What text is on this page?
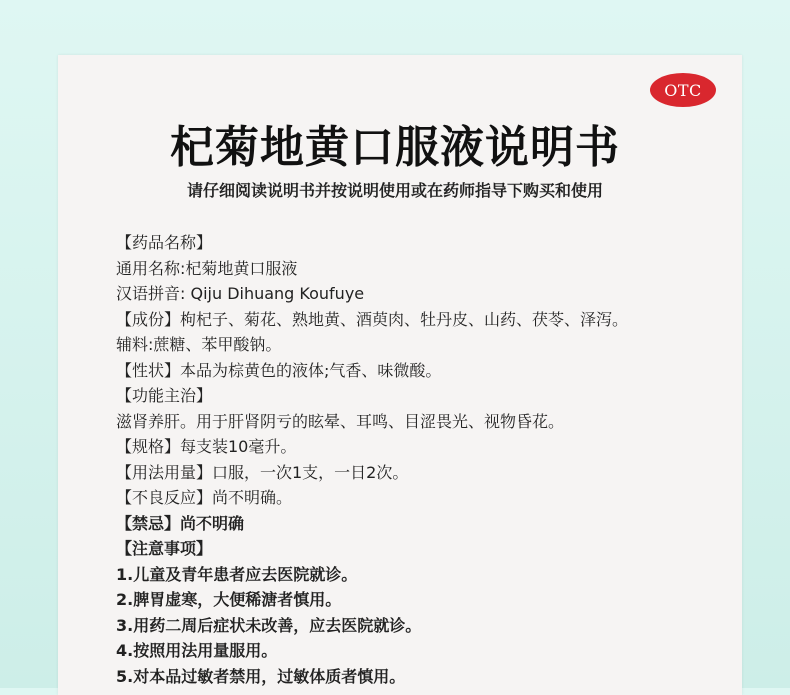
OTC
杞菊地黄口服液说明书
请仔细阅读说明书并按说明使用或在药师指导下购买和使用
【药品名称】
通用名称:杞菊地黄口服液
汉语拼音: Qiju Dihuang Koufuye
【成份】枸杞子、菊花、熟地黄、酒萸肉、牡丹皮、山药、茯苓、泽泻。
辅料:蔗糖、苯甲酸钠。
【性状】本品为棕黄色的液体;气香、味微酸。
【功能主治】
滋肾养肝。用于肝肾阴亏的眩晕、耳鸣、目涩畏光、视物昏花。
【规格】每支装10毫升。
【用法用量】口服，一次1支，一日2次。
【不良反应】尚不明确。
【禁忌】尚不明确
【注意事项】
1.儿童及青年患者应去医院就诊。
2.脾胃虚寒，大便稀溏者慎用。
3.用药二周后症状未改善，应去医院就诊。
4.按照用法用量服用。
5.对本品过敏者禁用，过敏体质者慎用。
